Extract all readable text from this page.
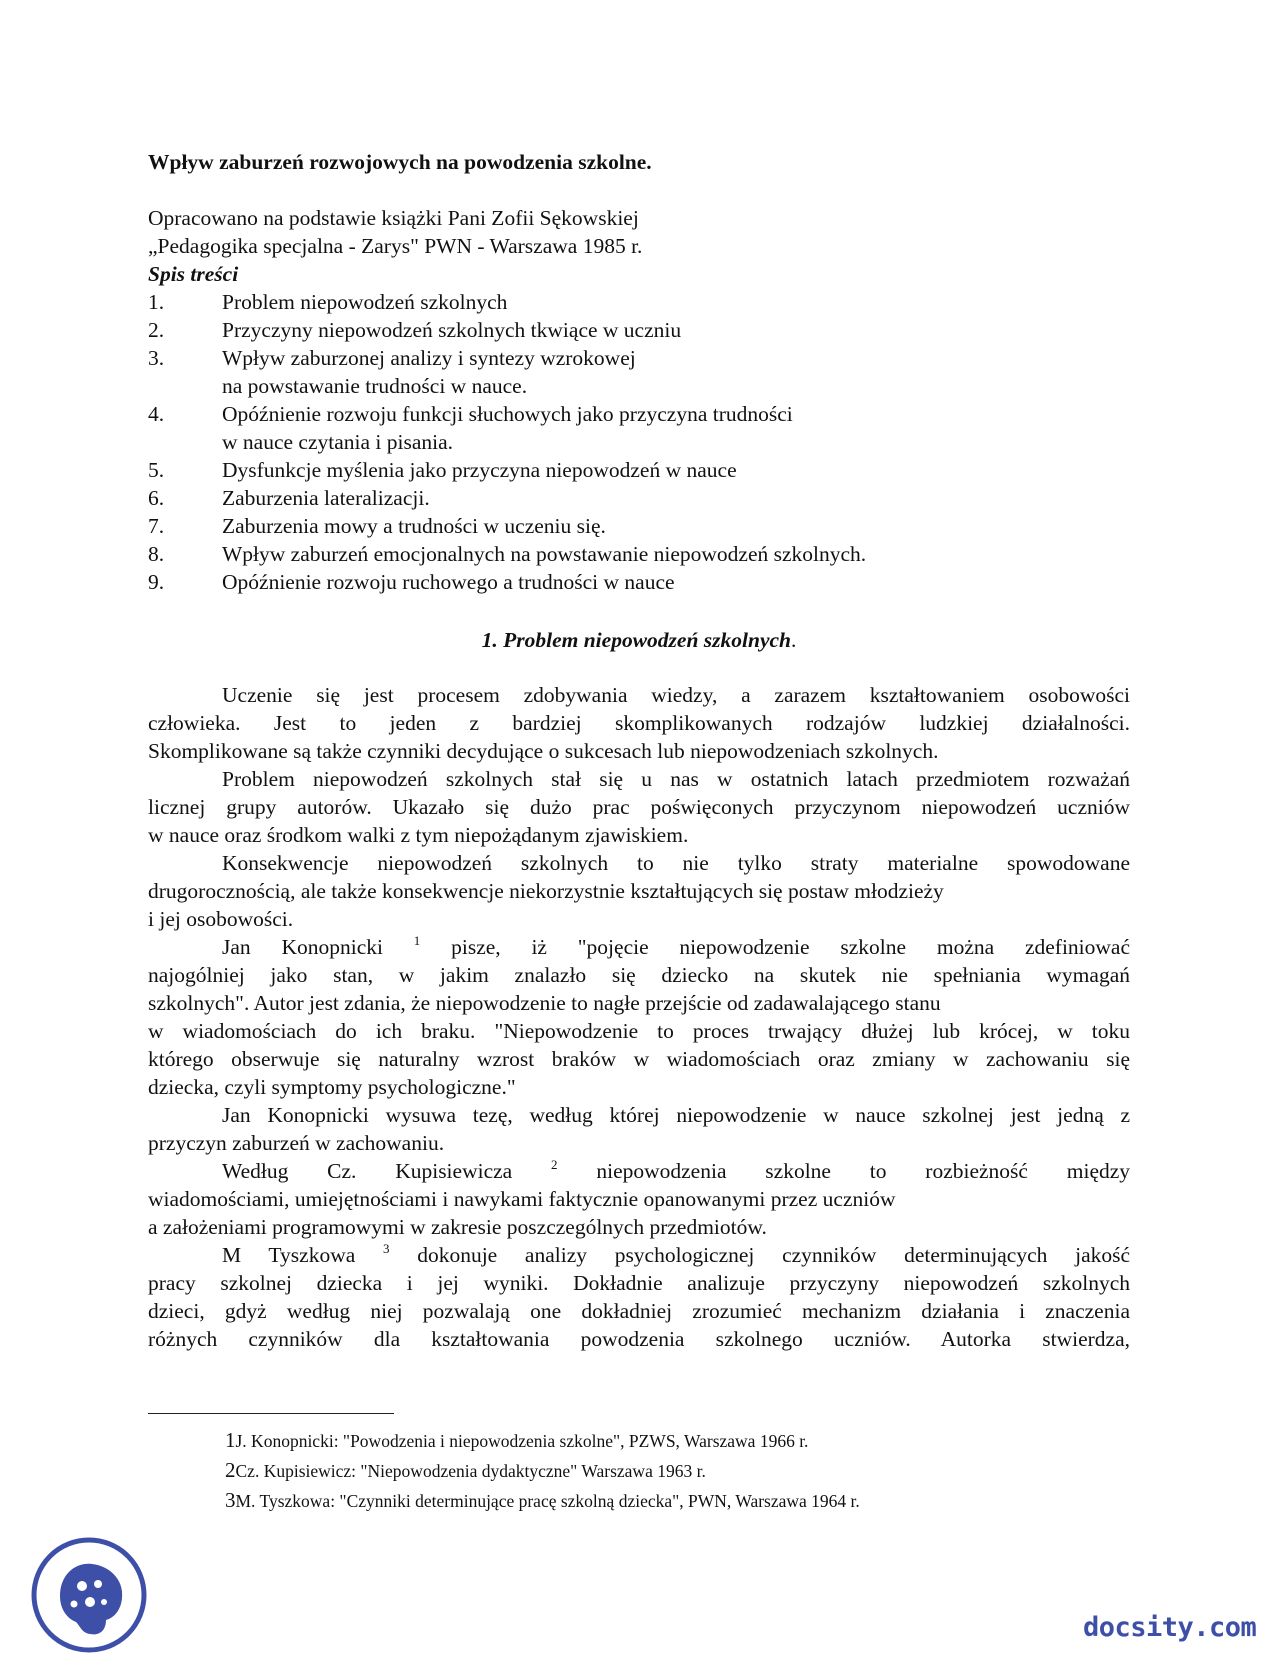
Wpływ zaburzeń rozwojowych na powodzenia szkolne.

Opracowano na podstawie książki Pani Zofii Sękowskiej
„Pedagogika specjalna - Zarys" PWN - Warszawa 1985 r.

Spis treści

1.	Problem niepowodzeń szkolnych
2.	Przyczyny niepowodzeń szkolnych tkwiące w uczniu
3.	Wpływ zaburzonej analizy i syntezy wzrokowej
na powstawanie trudności w nauce.
4.	Opóźnienie rozwoju funkcji słuchowych jako przyczyna trudności
w nauce czytania i pisania.
5.	Dysfunkcje myślenia jako przyczyna niepowodzeń w nauce
6.	Zaburzenia lateralizacji.
7.	Zaburzenia mowy a trudności w uczeniu się.
8.	Wpływ zaburzeń emocjonalnych na powstawanie niepowodzeń szkolnych.
9.	Opóźnienie rozwoju ruchowego a trudności w nauce

1. Problem niepowodzeń szkolnych.

Uczenie się jest procesem zdobywania wiedzy, a zarazem kształtowaniem osobowości
człowieka. Jest to jeden z bardziej skomplikowanych rodzajów ludzkiej działalności.
Skomplikowane są także czynniki decydujące o sukcesach lub niepowodzeniach szkolnych.
Problem niepowodzeń szkolnych stał się u nas w ostatnich latach przedmiotem rozważań
licznej grupy autorów. Ukazało się dużo prac poświęconych przyczynom niepowodzeń uczniów
w nauce oraz środkom walki z tym niepożądanym zjawiskiem.
Konsekwencje niepowodzeń szkolnych to nie tylko straty materialne spowodowane
drugorocznością, ale także konsekwencje niekorzystnie kształtujących się postaw młodzieży
i jej osobowości.
Jan Konopnicki $^1$ pisze, iż "pojęcie niepowodzenie szkolne można zdefiniować
najogólniej jako stan, w jakim znalazło się dziecko na skutek nie spełniania wymagań
szkolnych". Autor jest zdania, że niepowodzenie to nagłe przejście od zadawalającego stanu
w wiadomościach do ich braku. "Niepowodzenie to proces trwający dłużej lub krócej, w toku
którego obserwuje się naturalny wzrost braków w wiadomościach oraz zmiany w zachowaniu się
dziecka, czyli symptomy psychologiczne."
Jan Konopnicki wysuwa tezę, według której niepowodzenie w nauce szkolnej jest jedną z
przyczyn zaburzeń w zachowaniu.
Według Cz. Kupisiewicza	$^2$ niepowodzenia szkolne to rozbieżność między
wiadomościami, umiejętnościami i nawykami faktycznie opanowanymi przez uczniów
a założeniami programowymi w zakresie poszczególnych przedmiotów.
M Tyszkowa $^3$ dokonuje analizy psychologicznej czynników determinujących jakość
pracy szkolnej dziecka i jej wyniki. Dokładnie analizuje przyczyny niepowodzeń szkolnych
dzieci, gdyż według niej pozwalają one dokładniej zrozumieć mechanizm działania i znaczenia
różnych czynników dla kształtowania powodzenia szkolnego uczniów. Autorka stwierdza,
1J. Konopnicki: "Powodzenia i niepowodzenia szkolne", PZWS, Warszawa 1966 r.
2Cz. Kupisiewicz: "Niepowodzenia dydaktyczne" Warszawa 1963 r.
3M. Tyszkowa: "Czynniki determinujące pracę szkolną dziecka", PWN, Warszawa 1964 r.
docsity.com
